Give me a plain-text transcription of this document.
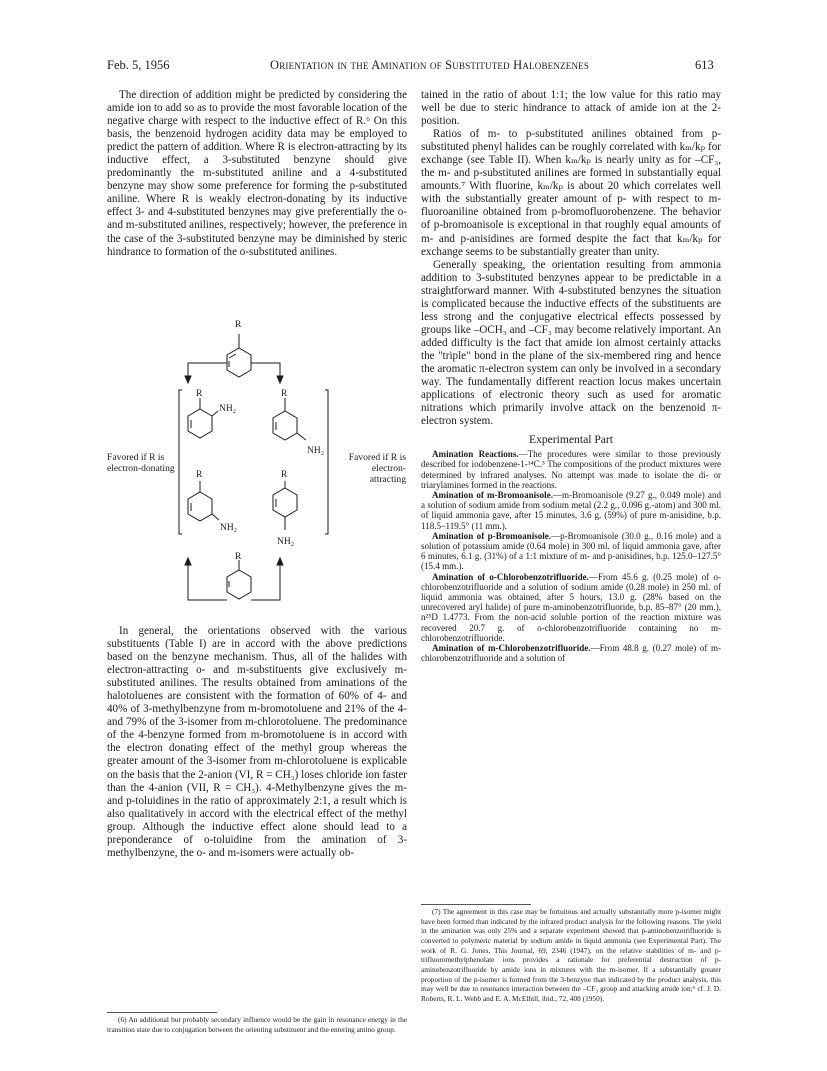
Feb. 5, 1956	Orientation in the Amination of Substituted Halobenzenes	613

The direction of addition might be predicted by considering the amide ion to add so as to provide the most favorable location of the negative charge with respect to the inductive effect of R.⁶ On this basis, the benzenoid hydrogen acidity data may be employed to predict the pattern of addition. Where R is electron-attracting by its inductive effect, a 3-substituted benzyne should give predominantly the m-substituted aniline and a 4-substituted benzyne may show some preference for forming the p-substituted aniline. Where R is weakly electron-donating by its inductive effect 3- and 4-substituted benzynes may give preferentially the o- and m-substituted anilines, respectively; however, the preference in the case of the 3-substituted benzyne may be diminished by steric hindrance to formation of the o-substituted anilines.

R
R	R
NH₂
NH₂
R	R
NH₂
NH₂
R
Favored if R is electron-donating
Favored if R is electron-attracting

In general, the orientations observed with the various substituents (Table I) are in accord with the above predictions based on the benzyne mechanism. Thus, all of the halides with electron-attracting o- and m-substituents give exclusively m-substituted anilines. The results obtained from aminations of the halotoluenes are consistent with the formation of 60% of 4- and 40% of 3-methylbenzyne from m-bromotoluene and 21% of the 4- and 79% of the 3-isomer from m-chlorotoluene. The predominance of the 4-benzyne formed from m-bromotoluene is in accord with the electron donating effect of the methyl group whereas the greater amount of the 3-isomer from m-chlorotoluene is explicable on the basis that the 2-anion (VI, R = CH₃) loses chloride ion faster than the 4-anion (VII, R = CH₃). 4-Methylbenzyne gives the m- and p-toluidines in the ratio of approximately 2:1, a result which is also qualitatively in accord with the electrical effect of the methyl group. Although the inductive effect alone should lead to a preponderance of o-toluidine from the amination of 3-methylbenzyne, the o- and m-isomers were actually ob-

(6) An additional but probably secondary influence would be the gain in resonance energy in the transition state due to conjugation between the orienting substituent and the entering amino group.

tained in the ratio of about 1:1; the low value for this ratio may well be due to steric hindrance to attack of amide ion at the 2-position.

Ratios of m- to p-substituted anilines obtained from p-substituted phenyl halides can be roughly correlated with kₘ/kₚ for exchange (see Table II). When kₘ/kₚ is nearly unity as for –CF₃, the m- and p-substituted anilines are formed in substantially equal amounts.⁷ With fluorine, kₘ/kₚ is about 20 which correlates well with the substantially greater amount of p- with respect to m-fluoroaniline obtained from p-bromofluorobenzene. The behavior of p-bromoanisole is exceptional in that roughly equal amounts of m- and p-anisidines are formed despite the fact that kₘ/kₚ for exchange seems to be substantially greater than unity.

Generally speaking, the orientation resulting from ammonia addition to 3-substituted benzynes appear to be predictable in a straightforward manner. With 4-substituted benzynes the situation is complicated because the inductive effects of the substituents are less strong and the conjugative electrical effects possessed by groups like –OCH₃ and –CF₃ may become relatively important. An added difficulty is the fact that amide ion almost certainly attacks the "triple" bond in the plane of the six-membered ring and hence the aromatic π-electron system can only be involved in a secondary way. The fundamentally different reaction locus makes uncertain applications of electronic theory such as used for aromatic nitrations which primarily involve attack on the benzenoid π-electron system.

Experimental Part

Amination Reactions.—The procedures were similar to those previously described for iodobenzene-1-¹⁴C.³ The compositions of the product mixtures were determined by infrared analyses. No attempt was made to isolate the di- or triarylamines formed in the reactions.

Amination of m-Bromoanisole.—m-Bromoanisole (9.27 g., 0.049 mole) and a solution of sodium amide from sodium metal (2.2 g., 0.096 g.-atom) and 300 ml. of liquid ammonia gave, after 15 minutes, 3.6 g. (59%) of pure m-anisidine, b.p. 118.5–119.5° (11 mm.).

Amination of p-Bromoanisole.—p-Bromoanisole (30.0 g., 0.16 mole) and a solution of potassium amide (0.64 mole) in 300 ml. of liquid ammonia gave, after 6 minutes, 6.1 g. (31%) of a 1:1 mixture of m- and p-anisidines, b.p. 125.0–127.5° (15.4 mm.).

Amination of o-Chlorobenzotrifluoride.—From 45.6 g. (0.25 mole) of o-chlorobenzotrifluoride and a solution of sodium amide (0.28 mole) in 250 ml. of liquid ammonia was obtained, after 5 hours, 13.0 g. (28% based on the unrecovered aryl halide) of pure m-aminobenzotrifluoride, b.p. 85–87° (20 mm.), n²⁵D 1.4773. From the non-acid soluble portion of the reaction mixture was recovered 20.7 g. of o-chlorobenzotrifluoride containing no m-chlorobenzotrifluoride.

Amination of m-Chlorobenzotrifluoride.—From 48.8 g. (0.27 mole) of m-chlorobenzotrifluoride and a solution of

(7) The agreement in this case may be fortuitous and actually substantially more p-isomer might have been formed than indicated by the infrared product analysis for the following reasons. The yield in the amination was only 25% and a separate experiment showed that p-aminobenzotrifluoride is converted to polymeric material by sodium amide in liquid ammonia (see Experimental Part). The work of R. G. Jones, This Journal, 69, 2346 (1947), on the relative stabilities of m- and p-trifluoromethylphenolate ions provides a rationale for preferential destruction of p-aminobenzotrifluoride by amide ions in mixtures with the m-isomer. If a substantially greater proportion of the p-isomer is formed from the 3-benzyne than indicated by the product analysis, this may well be due to resonance interaction between the –CF₃ group and attacking amide ion;⁶ cf. J. D. Roberts, R. L. Webb and E. A. McElhill, ibid., 72, 408 (1950).
